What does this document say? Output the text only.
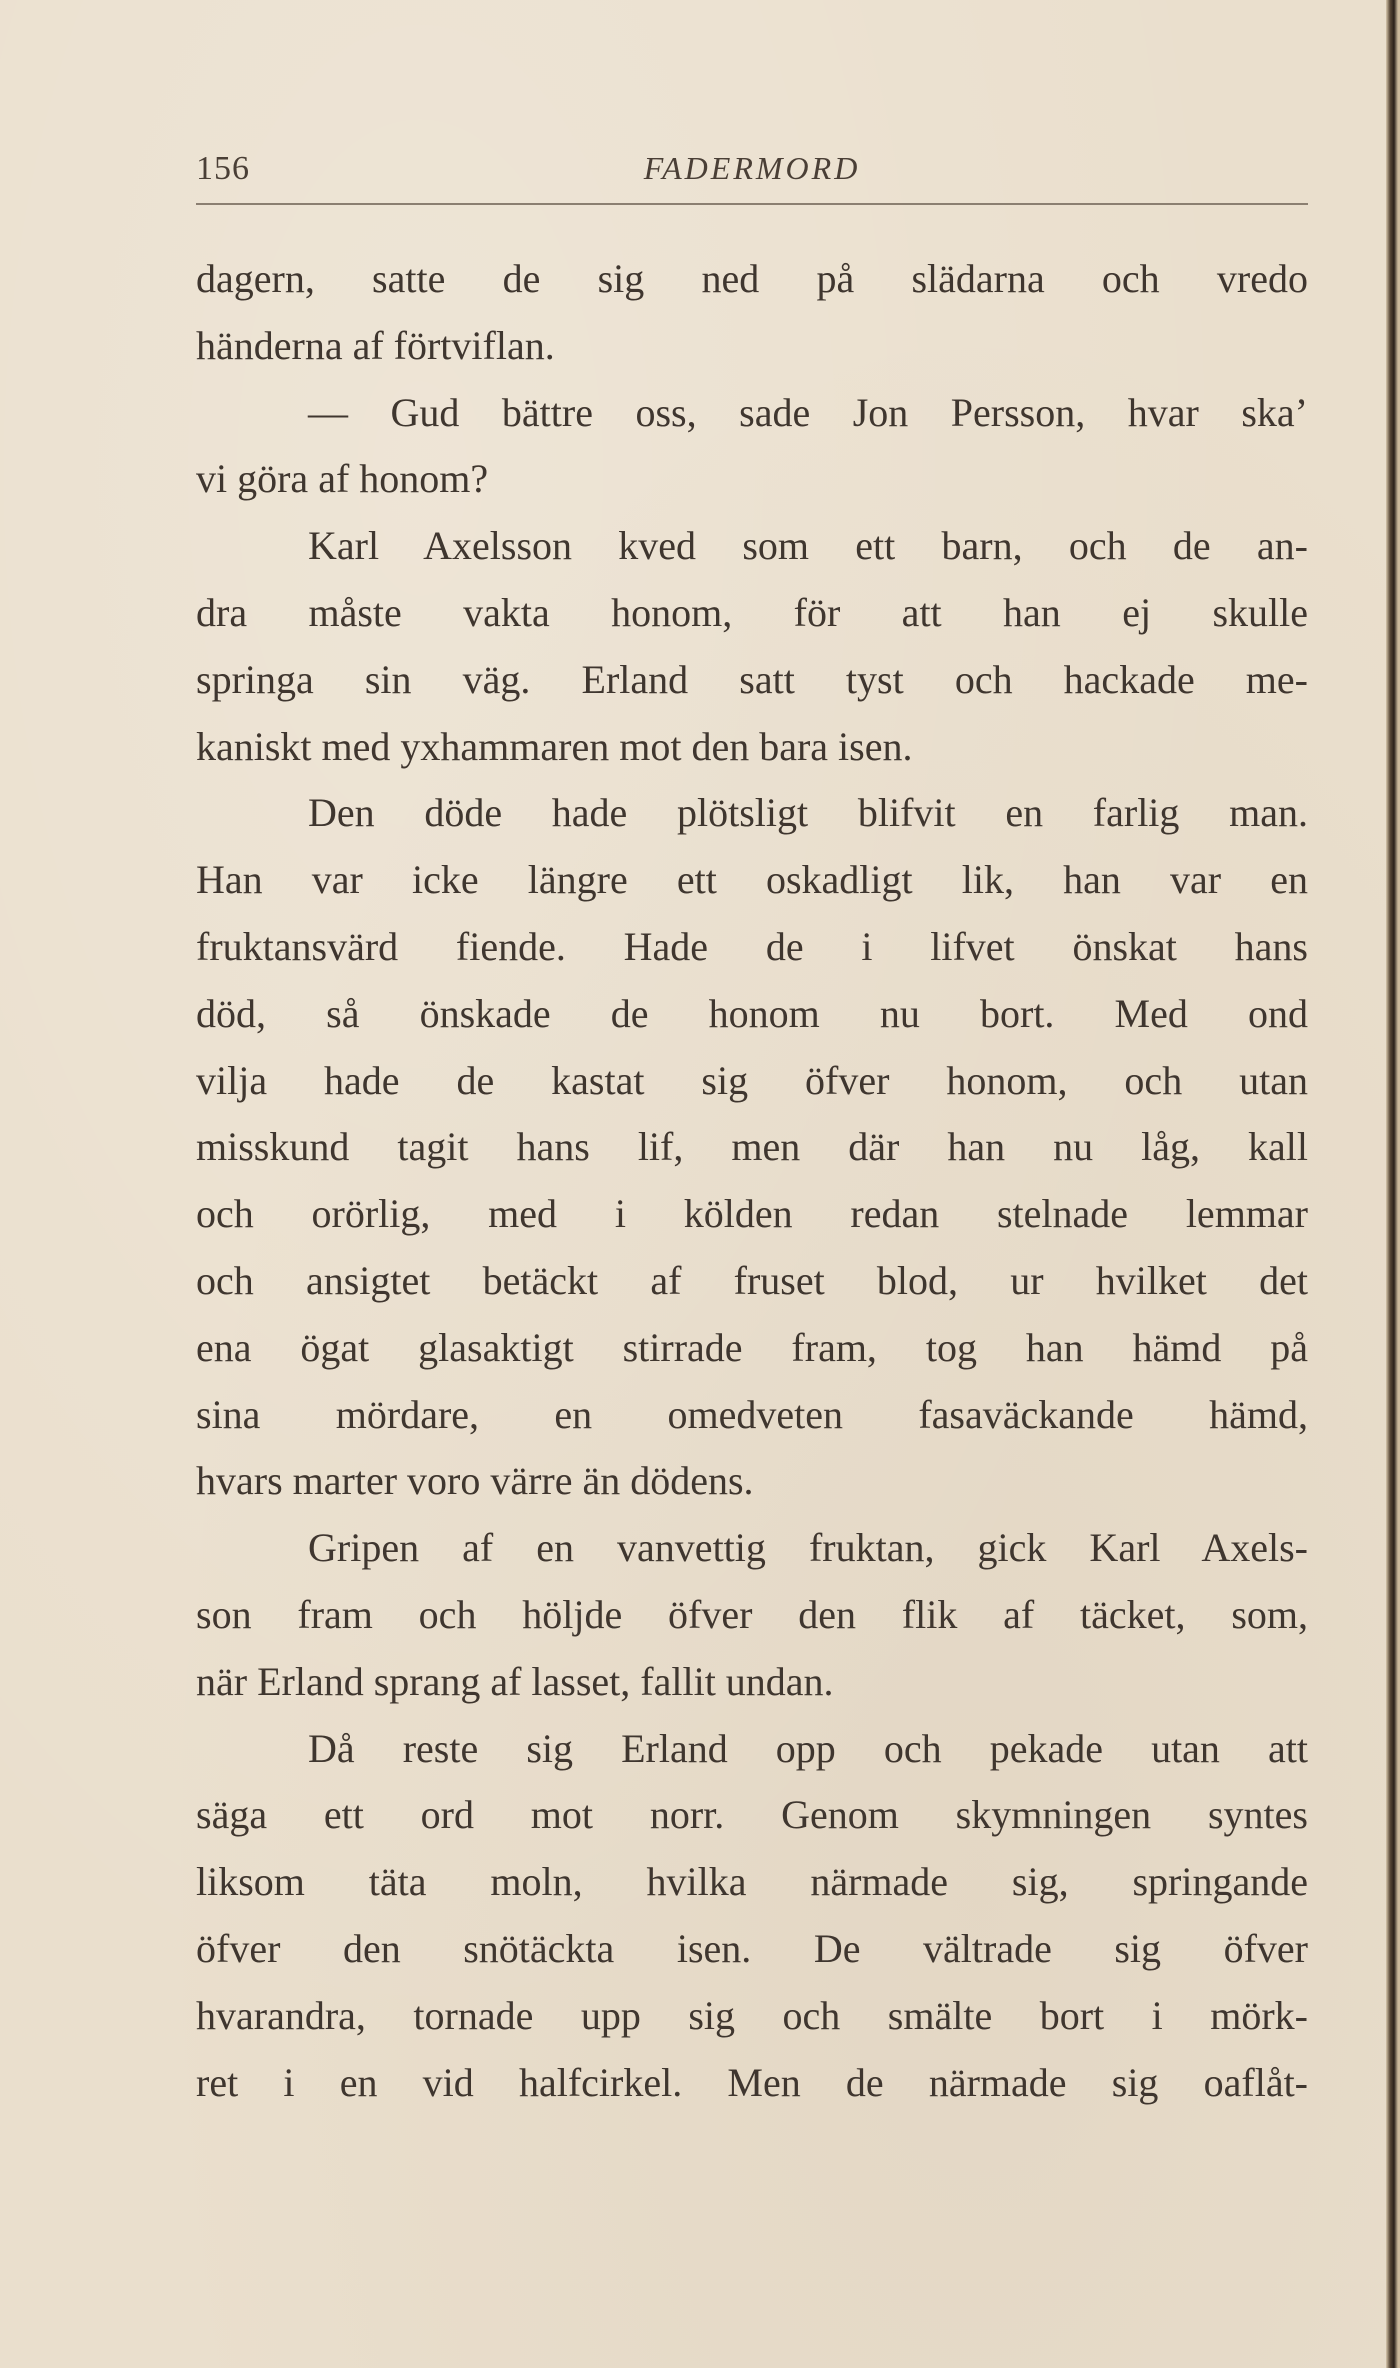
156	FADERMORD
dagern, satte de sig ned på slädarna och vredo
händerna af förtviflan.
— Gud bättre oss, sade Jon Persson, hvar ska’
vi göra af honom?
Karl Axelsson kved som ett barn, och de an-
dra måste vakta honom, för att han ej skulle
springa sin väg. Erland satt tyst och hackade me-
kaniskt med yxhammaren mot den bara isen.
Den döde hade plötsligt blifvit en farlig man.
Han var icke längre ett oskadligt lik, han var en
fruktansvärd fiende. Hade de i lifvet önskat hans
död, så önskade de honom nu bort. Med ond
vilja hade de kastat sig öfver honom, och utan
misskund tagit hans lif, men där han nu låg, kall
och orörlig, med i kölden redan stelnade lemmar
och ansigtet betäckt af fruset blod, ur hvilket det
ena ögat glasaktigt stirrade fram, tog han hämd på
sina mördare, en omedveten fasaväckande hämd,
hvars marter voro värre än dödens.
Gripen af en vanvettig fruktan, gick Karl Axels-
son fram och höljde öfver den flik af täcket, som,
när Erland sprang af lasset, fallit undan.
Då reste sig Erland opp och pekade utan att
säga ett ord mot norr. Genom skymningen syntes
liksom täta moln, hvilka närmade sig, springande
öfver den snötäckta isen. De vältrade sig öfver
hvarandra, tornade upp sig och smälte bort i mörk-
ret i en vid halfcirkel. Men de närmade sig oaflåt-
